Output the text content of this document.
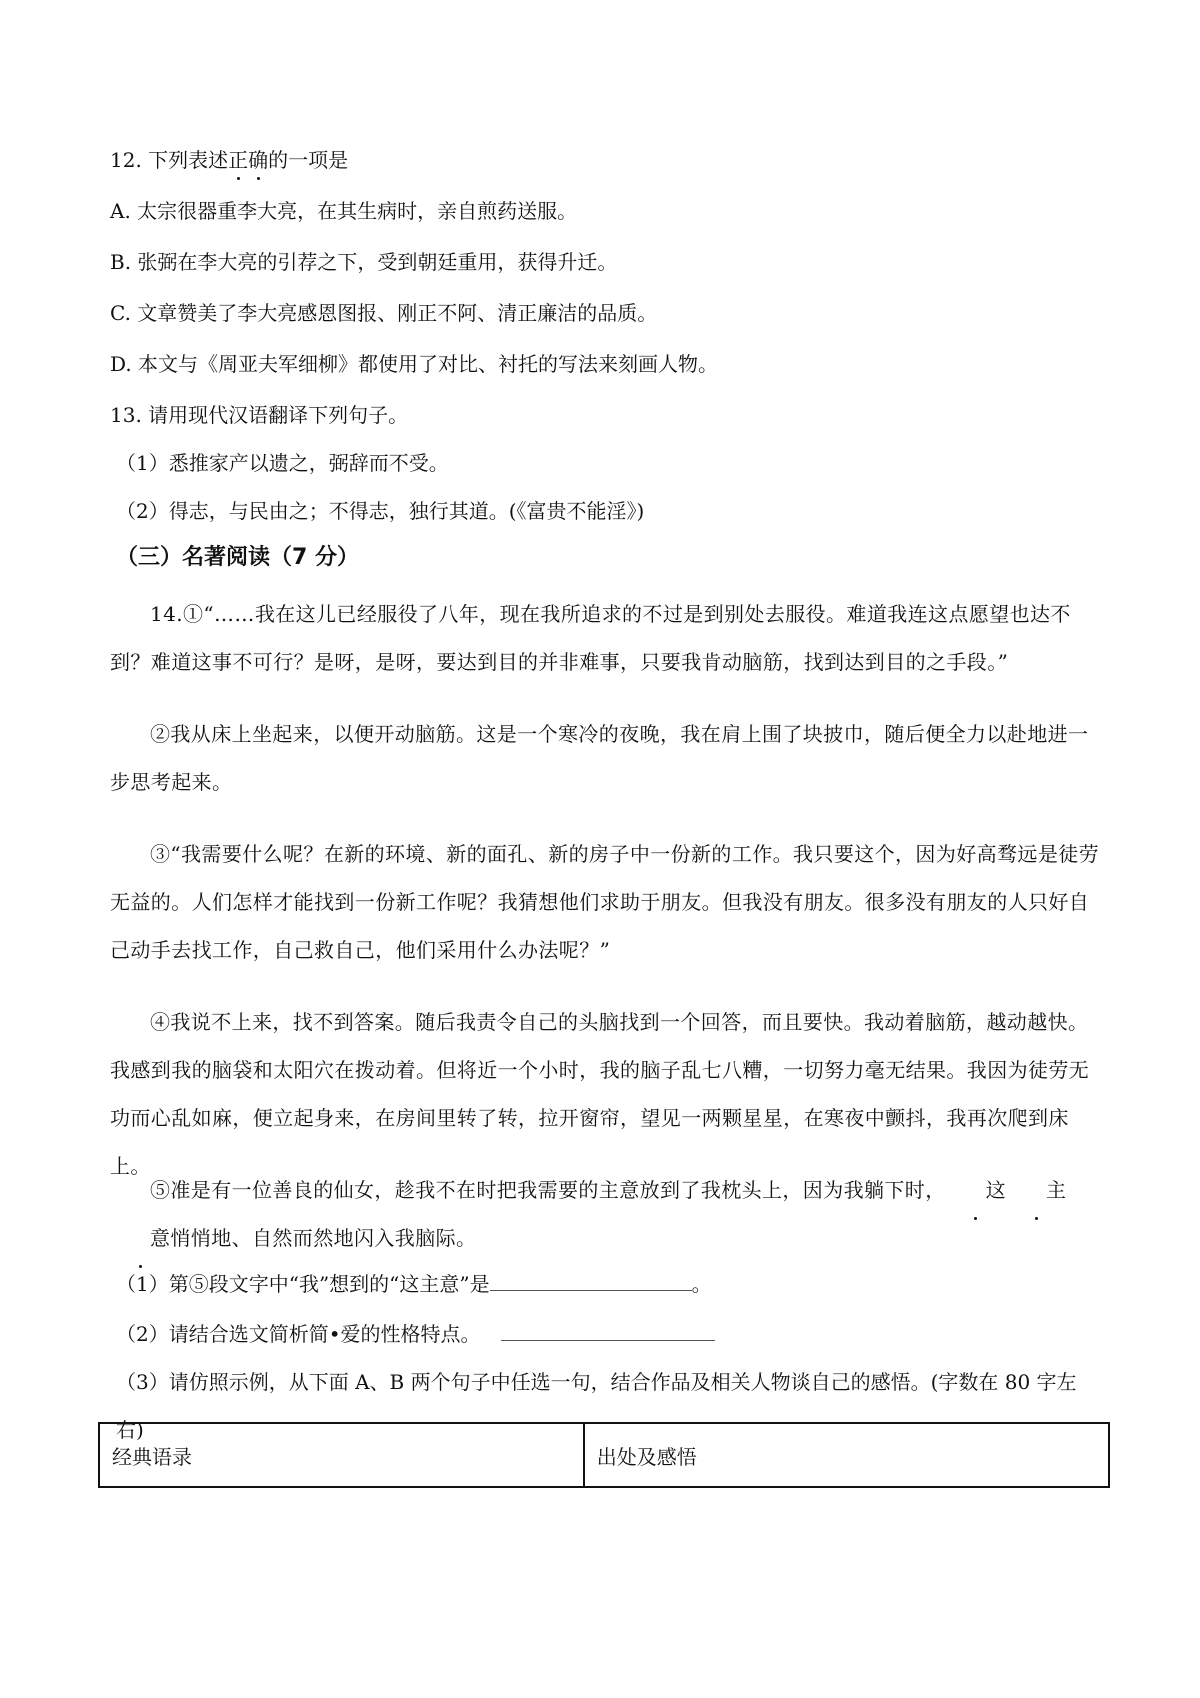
12. 下列表述正确的一项是
A. 太宗很器重李大亮，在其生病时，亲自煎药送服。
B. 张弼在李大亮的引荐之下，受到朝廷重用，获得升迁。
C. 文章赞美了李大亮感恩图报、刚正不阿、清正廉洁的品质。
D. 本文与《周亚夫军细柳》都使用了对比、衬托的写法来刻画人物。
13. 请用现代汉语翻译下列句子。
（1）悉推家产以遗之，弼辞而不受。
（2）得志，与民由之；不得志，独行其道。(《富贵不能淫》)
（三）名著阅读（7 分）
14.①“……我在这儿已经服役了八年，现在我所追求的不过是到别处去服役。难道我连这点愿望也达不到？难道这事不可行？是呀，是呀，要达到目的并非难事，只要我肯动脑筋，找到达到目的之手段。”
②我从床上坐起来，以便开动脑筋。这是一个寒冷的夜晚，我在肩上围了块披巾，随后便全力以赴地进一步思考起来。
③“我需要什么呢？在新的环境、新的面孔、新的房子中一份新的工作。我只要这个，因为好高骛远是徒劳无益的。人们怎样才能找到一份新工作呢？我猜想他们求助于朋友。但我没有朋友。很多没有朋友的人只好自己动手去找工作，自己救自己，他们采用什么办法呢？”
④我说不上来，找不到答案。随后我责令自己的头脑找到一个回答，而且要快。我动着脑筋，越动越快。我感到我的脑袋和太阳穴在拨动着。但将近一个小时，我的脑子乱七八糟，一切努力毫无结果。我因为徒劳无功而心乱如麻，便立起身来，在房间里转了转，拉开窗帘，望见一两颗星星，在寒夜中颤抖，我再次爬到床上。
⑤准是有一位善良的仙女，趁我不在时把我需要的主意放到了我枕头上，因为我躺下时， 这 主意悄悄地、自然而然地闪入我脑际。
（1）第⑤段文字中“我”想到的“这主意”是	。
（2）请结合选文简析简•爱的性格特点。
（3）请仿照示例，从下面 A、B 两个句子中任选一句，结合作品及相关人物谈自己的感悟。(字数在 80 字左右)
经典语录	出处及感悟
